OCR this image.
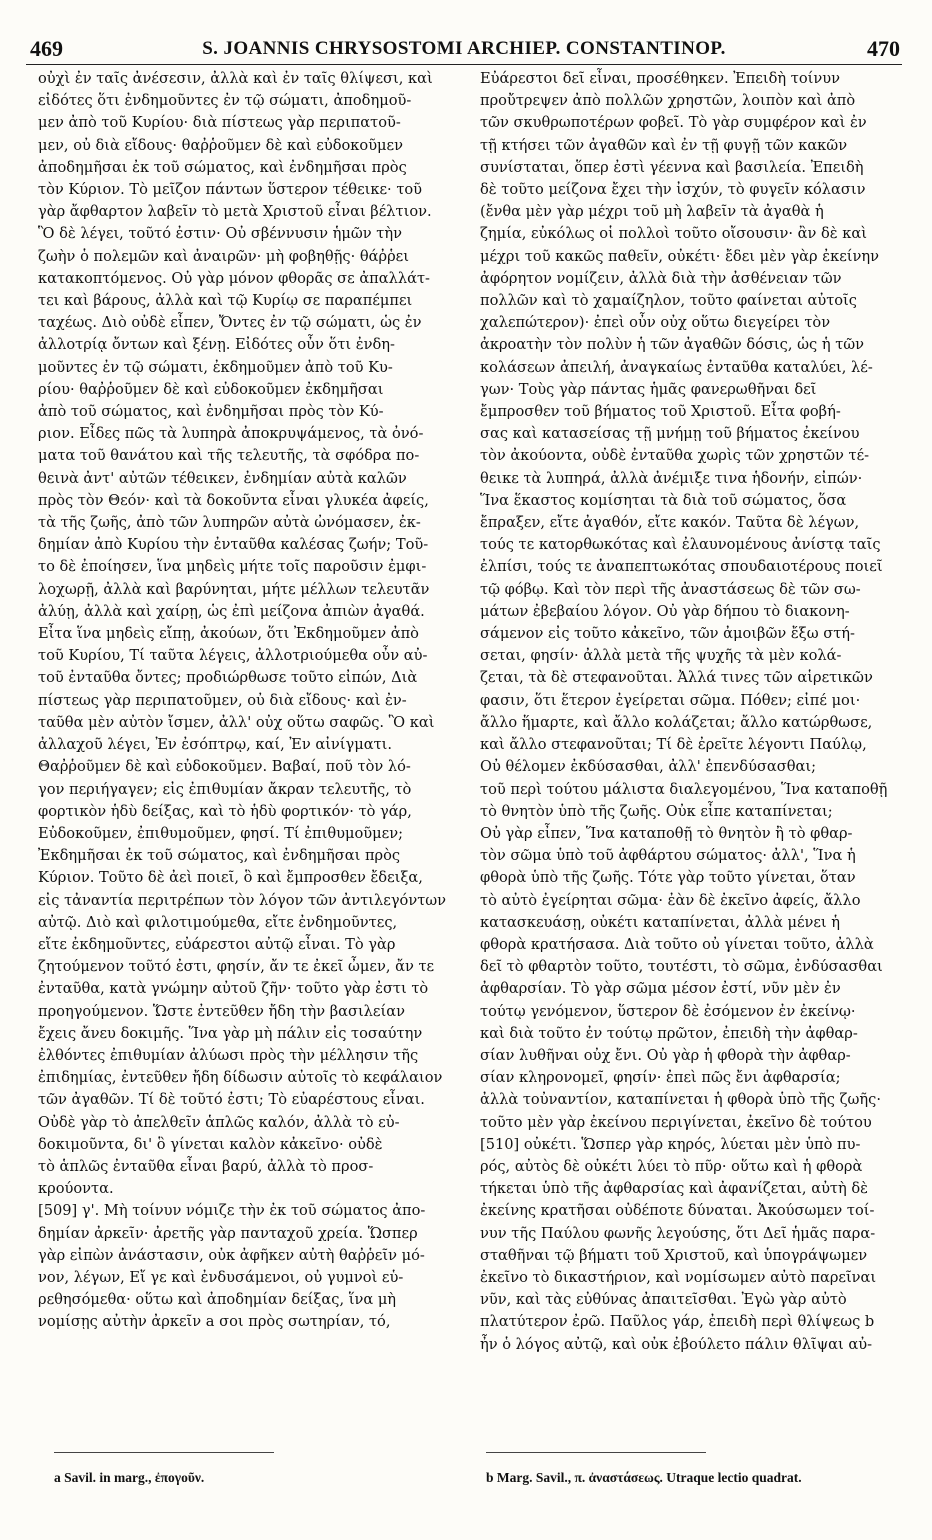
469	S. JOANNIS CHRYSOSTOMI ARCHIEP. CONSTANTINOP.	470
οὐχὶ ἐν ταῖς ἀνέσεσιν, ἀλλὰ καὶ ἐν ταῖς θλίψεσι, καὶ
εἰδότες ὅτι ἐνδημοῦντες ἐν τῷ σώματι, ἀποδημοῦ-
μεν ἀπὸ τοῦ Κυρίου· διὰ πίστεως γὰρ περιπατοῦ-
μεν, οὐ διὰ εἴδους· θαῤῥοῦμεν δὲ καὶ εὐδοκοῦμεν
ἀποδημῆσαι ἐκ τοῦ σώματος, καὶ ἐνδημῆσαι πρὸς
τὸν Κύριον. Τὸ μεῖζον πάντων ὕστερον τέθεικε· τοῦ
γὰρ ἄφθαρτον λαβεῖν τὸ μετὰ Χριστοῦ εἶναι βέλτιον.
Ὃ δὲ λέγει, τοῦτό ἐστιν· Οὐ σβέννυσιν ἡμῶν τὴν
ζωὴν ὁ πολεμῶν καὶ ἀναιρῶν· μὴ φοβηθῇς· θάῤῥει
κατακοπτόμενος. Οὐ γὰρ μόνον φθορᾶς σε ἀπαλλάτ-
τει καὶ βάρους, ἀλλὰ καὶ τῷ Κυρίῳ σε παραπέμπει
ταχέως. Διὸ οὐδὲ εἶπεν, Ὄντες ἐν τῷ σώματι, ὡς ἐν
ἀλλοτρίᾳ ὄντων καὶ ξένῃ. Εἰδότες οὖν ὅτι ἐνδη-
μοῦντες ἐν τῷ σώματι, ἐκδημοῦμεν ἀπὸ τοῦ Κυ-
ρίου· θαῤῥοῦμεν δὲ καὶ εὐδοκοῦμεν ἐκδημῆσαι
ἀπὸ τοῦ σώματος, καὶ ἐνδημῆσαι πρὸς τὸν Κύ-
ριον. Εἶδες πῶς τὰ λυπηρὰ ἀποκρυψάμενος, τὰ ὀνό-
ματα τοῦ θανάτου καὶ τῆς τελευτῆς, τὰ σφόδρα πο-
θεινὰ ἀντ' αὐτῶν τέθεικεν, ἐνδημίαν αὐτὰ καλῶν
πρὸς τὸν Θεόν· καὶ τὰ δοκοῦντα εἶναι γλυκέα ἀφείς,
τὰ τῆς ζωῆς, ἀπὸ τῶν λυπηρῶν αὐτὰ ὠνόμασεν, ἐκ-
δημίαν ἀπὸ Κυρίου τὴν ἐνταῦθα καλέσας ζωήν; Τοῦ-
το δὲ ἐποίησεν, ἵνα μηδεὶς μήτε τοῖς παροῦσιν ἐμφι-
λοχωρῇ, ἀλλὰ καὶ βαρύνηται, μήτε μέλλων τελευτᾶν
ἀλύῃ, ἀλλὰ καὶ χαίρῃ, ὡς ἐπὶ μείζονα ἀπιὼν ἀγαθά.
Εἶτα ἵνα μηδεὶς εἴπῃ, ἀκούων, ὅτι Ἐκδημοῦμεν ἀπὸ
τοῦ Κυρίου, Τί ταῦτα λέγεις, ἀλλοτριούμεθα οὖν αὐ-
τοῦ ἐνταῦθα ὄντες; προδιώρθωσε τοῦτο εἰπών, Διὰ
πίστεως γὰρ περιπατοῦμεν, οὐ διὰ εἴδους· καὶ ἐν-
ταῦθα μὲν αὐτὸν ἴσμεν, ἀλλ' οὐχ οὕτω σαφῶς. Ὃ καὶ
ἀλλαχοῦ λέγει, Ἐν ἐσόπτρῳ, καί, Ἐν αἰνίγματι.
Θαῤῥοῦμεν δὲ καὶ εὐδοκοῦμεν. Βαβαί, ποῦ τὸν λό-
γον περιήγαγεν; εἰς ἐπιθυμίαν ἄκραν τελευτῆς, τὸ
φορτικὸν ἡδὺ δείξας, καὶ τὸ ἡδὺ φορτικόν· τὸ γάρ,
Εὐδοκοῦμεν, ἐπιθυμοῦμεν, φησί. Τί ἐπιθυμοῦμεν;
Ἐκδημῆσαι ἐκ τοῦ σώματος, καὶ ἐνδημῆσαι πρὸς
Κύριον. Τοῦτο δὲ ἀεὶ ποιεῖ, ὃ καὶ ἔμπροσθεν ἔδειξα,
εἰς τἀναντία περιτρέπων τὸν λόγον τῶν ἀντιλεγόντων
αὐτῷ. Διὸ καὶ φιλοτιμούμεθα, εἴτε ἐνδημοῦντες,
εἴτε ἐκδημοῦντες, εὐάρεστοι αὐτῷ εἶναι. Τὸ γὰρ
ζητούμενον τοῦτό ἐστι, φησίν, ἄν τε ἐκεῖ ὦμεν, ἄν τε
ἐνταῦθα, κατὰ γνώμην αὐτοῦ ζῆν· τοῦτο γὰρ ἐστι τὸ
προηγούμενον. Ὥστε ἐντεῦθεν ἤδη τὴν βασιλείαν
ἔχεις ἄνευ δοκιμῆς. Ἵνα γὰρ μὴ πάλιν εἰς τοσαύτην
ἐλθόντες ἐπιθυμίαν ἀλύωσι πρὸς τὴν μέλλησιν τῆς
ἐπιδημίας, ἐντεῦθεν ἤδη δίδωσιν αὐτοῖς τὸ κεφάλαιον
τῶν ἀγαθῶν. Τί δὲ τοῦτό ἐστι; Τὸ εὐαρέστους εἶναι.
Οὐδὲ γὰρ τὸ ἀπελθεῖν ἁπλῶς καλόν, ἀλλὰ τὸ εὐ-
δοκιμοῦντα, δι' ὃ γίνεται καλὸν κἀκεῖνο· οὐδὲ
τὸ ἁπλῶς ἐνταῦθα εἶναι βαρύ, ἀλλὰ τὸ προσ-
κρούοντα.
[509] γ'. Μὴ τοίνυν νόμιζε τὴν ἐκ τοῦ σώματος ἀπο-
δημίαν ἀρκεῖν· ἀρετῆς γὰρ πανταχοῦ χρεία. Ὥσπερ
γὰρ εἰπὼν ἀνάστασιν, οὐκ ἀφῆκεν αὐτὴ θαῤῥεῖν μό-
νον, λέγων, Εἴ γε καὶ ἐνδυσάμενοι, οὐ γυμνοὶ εὑ-
ρεθησόμεθα· οὕτω καὶ ἀποδημίαν δείξας, ἵνα μὴ
νομίσῃς αὐτὴν ἀρκεῖν a σοι πρὸς σωτηρίαν, τό,
Εὐάρεστοι δεῖ εἶναι, προσέθηκεν. Ἐπειδὴ τοίνυν
προὔτρεψεν ἀπὸ πολλῶν χρηστῶν, λοιπὸν καὶ ἀπὸ
τῶν σκυθρωποτέρων φοβεῖ. Τὸ γὰρ συμφέρον καὶ ἐν
τῇ κτήσει τῶν ἀγαθῶν καὶ ἐν τῇ φυγῇ τῶν κακῶν
συνίσταται, ὅπερ ἐστὶ γέεννα καὶ βασιλεία. Ἐπειδὴ
δὲ τοῦτο μείζονα ἔχει τὴν ἰσχύν, τὸ φυγεῖν κόλασιν
(ἔνθα μὲν γὰρ μέχρι τοῦ μὴ λαβεῖν τὰ ἀγαθὰ ἡ
ζημία, εὐκόλως οἱ πολλοὶ τοῦτο οἴσουσιν· ἂν δὲ καὶ
μέχρι τοῦ κακῶς παθεῖν, οὐκέτι· ἔδει μὲν γὰρ ἐκείνην
ἀφόρητον νομίζειν, ἀλλὰ διὰ τὴν ἀσθένειαν τῶν
πολλῶν καὶ τὸ χαμαίζηλον, τοῦτο φαίνεται αὐτοῖς
χαλεπώτερον)· ἐπεὶ οὖν οὐχ οὕτω διεγείρει τὸν
ἀκροατὴν τὸν πολὺν ἡ τῶν ἀγαθῶν δόσις, ὡς ἡ τῶν
κολάσεων ἀπειλή, ἀναγκαίως ἐνταῦθα καταλύει, λέ-
γων· Τοὺς γὰρ πάντας ἡμᾶς φανερωθῆναι δεῖ
ἔμπροσθεν τοῦ βήματος τοῦ Χριστοῦ. Εἶτα φοβή-
σας καὶ κατασείσας τῇ μνήμῃ τοῦ βήματος ἐκείνου
τὸν ἀκούοντα, οὐδὲ ἐνταῦθα χωρὶς τῶν χρηστῶν τέ-
θεικε τὰ λυπηρά, ἀλλὰ ἀνέμιξε τινα ἡδονήν, εἰπών·
Ἵνα ἕκαστος κομίσηται τὰ διὰ τοῦ σώματος, ὅσα
ἔπραξεν, εἴτε ἀγαθόν, εἴτε κακόν. Ταῦτα δὲ λέγων,
τούς τε κατορθωκότας καὶ ἐλαυνομένους ἀνίστᾳ ταῖς
ἐλπίσι, τούς τε ἀναπεπτωκότας σπουδαιοτέρους ποιεῖ
τῷ φόβῳ. Καὶ τὸν περὶ τῆς ἀναστάσεως δὲ τῶν σω-
μάτων ἐβεβαίου λόγον. Οὐ γὰρ δήπου τὸ διακονη-
σάμενον εἰς τοῦτο κἀκεῖνο, τῶν ἀμοιβῶν ἔξω στή-
σεται, φησίν· ἀλλὰ μετὰ τῆς ψυχῆς τὰ μὲν κολά-
ζεται, τὰ δὲ στεφανοῦται. Ἀλλά τινες τῶν αἱρετικῶν
φασιν, ὅτι ἕτερον ἐγείρεται σῶμα. Πόθεν; εἰπέ μοι·
ἄλλο ἥμαρτε, καὶ ἄλλο κολάζεται; ἄλλο κατώρθωσε,
καὶ ἄλλο στεφανοῦται; Τί δὲ ἐρεῖτε λέγοντι Παύλῳ,
Οὐ θέλομεν ἐκδύσασθαι, ἀλλ' ἐπενδύσασθαι;
τοῦ περὶ τούτου μάλιστα διαλεγομένου, Ἵνα καταποθῇ
τὸ θνητὸν ὑπὸ τῆς ζωῆς. Οὐκ εἶπε καταπίνεται;
Οὐ γὰρ εἶπεν, Ἵνα καταποθῇ τὸ θνητὸν ἢ τὸ φθαρ-
τὸν σῶμα ὑπὸ τοῦ ἀφθάρτου σώματος· ἀλλ', Ἵνα ἡ
φθορὰ ὑπὸ τῆς ζωῆς. Τότε γὰρ τοῦτο γίνεται, ὅταν
τὸ αὐτὸ ἐγείρηται σῶμα· ἐὰν δὲ ἐκεῖνο ἀφείς, ἄλλο
κατασκευάσῃ, οὐκέτι καταπίνεται, ἀλλὰ μένει ἡ
φθορὰ κρατήσασα. Διὰ τοῦτο οὐ γίνεται τοῦτο, ἀλλὰ
δεῖ τὸ φθαρτὸν τοῦτο, τουτέστι, τὸ σῶμα, ἐνδύσασθαι
ἀφθαρσίαν. Τὸ γὰρ σῶμα μέσον ἐστί, νῦν μὲν ἐν
τούτῳ γενόμενον, ὕστερον δὲ ἐσόμενον ἐν ἐκείνῳ·
καὶ διὰ τοῦτο ἐν τούτῳ πρῶτον, ἐπειδὴ τὴν ἀφθαρ-
σίαν λυθῆναι οὐχ ἔνι. Οὐ γὰρ ἡ φθορὰ τὴν ἀφθαρ-
σίαν κληρονομεῖ, φησίν· ἐπεὶ πῶς ἔνι ἀφθαρσία;
ἀλλὰ τοὐναντίον, καταπίνεται ἡ φθορὰ ὑπὸ τῆς ζωῆς·
τοῦτο μὲν γὰρ ἐκείνου περιγίνεται, ἐκεῖνο δὲ τούτου
[510] οὐκέτι. Ὥσπερ γὰρ κηρός, λύεται μὲν ὑπὸ πυ-
ρός, αὐτὸς δὲ οὐκέτι λύει τὸ πῦρ· οὕτω καὶ ἡ φθορὰ
τήκεται ὑπὸ τῆς ἀφθαρσίας καὶ ἀφανίζεται, αὐτὴ δὲ
ἐκείνης κρατῆσαι οὐδέποτε δύναται. Ἀκούσωμεν τοί-
νυν τῆς Παύλου φωνῆς λεγούσης, ὅτι Δεῖ ἡμᾶς παρα-
σταθῆναι τῷ βήματι τοῦ Χριστοῦ, καὶ ὑπογράψωμεν
ἐκεῖνο τὸ δικαστήριον, καὶ νομίσωμεν αὐτὸ παρεῖναι
νῦν, καὶ τὰς εὐθύνας ἀπαιτεῖσθαι. Ἐγὼ γὰρ αὐτὸ
πλατύτερον ἐρῶ. Παῦλος γάρ, ἐπειδὴ περὶ θλίψεως b
ἦν ὁ λόγος αὐτῷ, καὶ οὐκ ἐβούλετο πάλιν θλῖψαι αὐ-
a Savil. in marg., ἐπογοῦν.	b Marg. Savil., π. ἀναστάσεως. Utraque lectio quadrat.
